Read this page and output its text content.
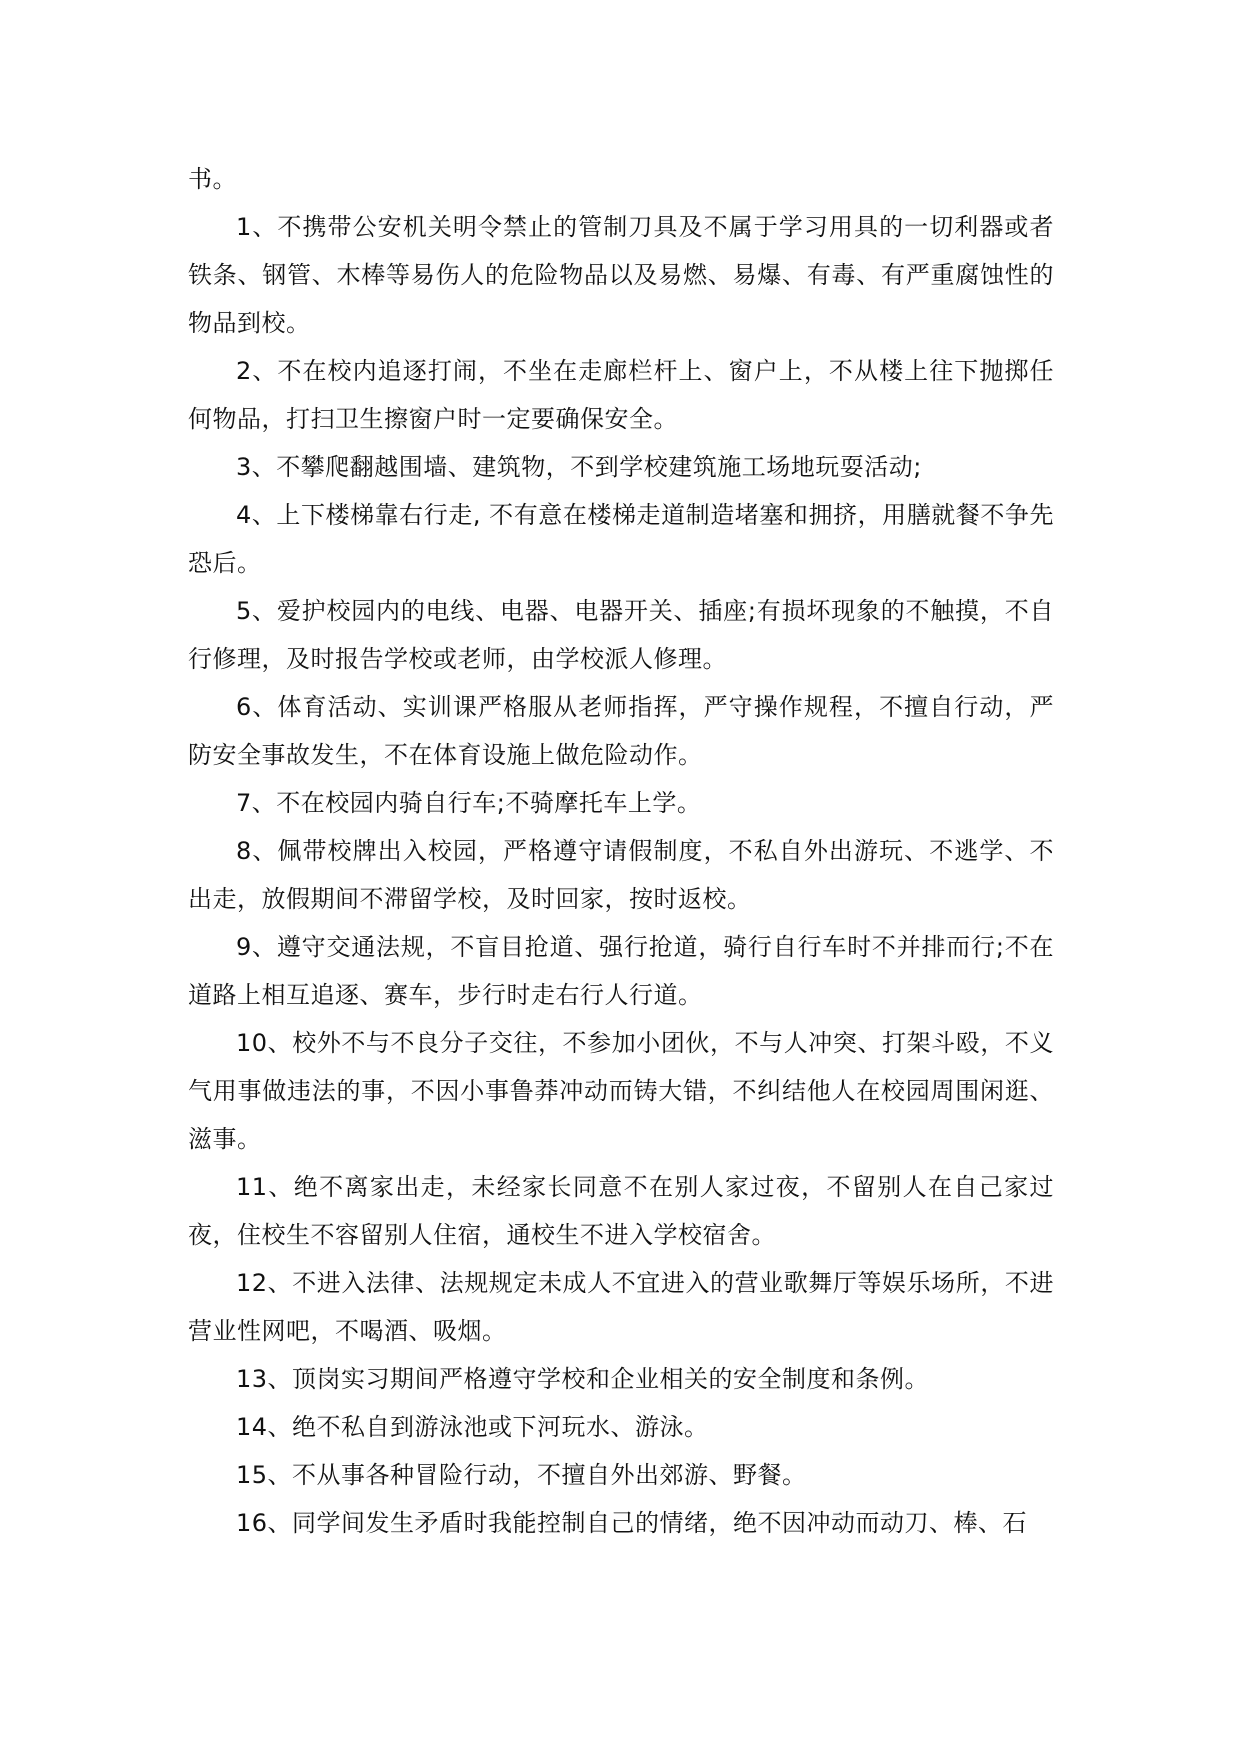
书。

1、不携带公安机关明令禁止的管制刀具及不属于学习用具的一切利器或者铁条、钢管、木棒等易伤人的危险物品以及易燃、易爆、有毒、有严重腐蚀性的物品到校。

2、不在校内追逐打闹，不坐在走廊栏杆上、窗户上，不从楼上往下抛掷任何物品，打扫卫生擦窗户时一定要确保安全。

3、不攀爬翻越围墙、建筑物，不到学校建筑施工场地玩耍活动;

4、上下楼梯靠右行走, 不有意在楼梯走道制造堵塞和拥挤，用膳就餐不争先恐后。

5、爱护校园内的电线、电器、电器开关、插座;有损坏现象的不触摸，不自行修理，及时报告学校或老师，由学校派人修理。

6、体育活动、实训课严格服从老师指挥，严守操作规程，不擅自行动，严防安全事故发生，不在体育设施上做危险动作。

7、不在校园内骑自行车;不骑摩托车上学。

8、佩带校牌出入校园，严格遵守请假制度，不私自外出游玩、不逃学、不出走，放假期间不滞留学校，及时回家，按时返校。

9、遵守交通法规，不盲目抢道、强行抢道，骑行自行车时不并排而行;不在道路上相互追逐、赛车，步行时走右行人行道。

10、校外不与不良分子交往，不参加小团伙，不与人冲突、打架斗殴，不义气用事做违法的事，不因小事鲁莽冲动而铸大错，不纠结他人在校园周围闲逛、滋事。

11、绝不离家出走，未经家长同意不在别人家过夜，不留别人在自己家过夜，住校生不容留别人住宿，通校生不进入学校宿舍。

12、不进入法律、法规规定未成人不宜进入的营业歌舞厅等娱乐场所，不进营业性网吧，不喝酒、吸烟。

13、顶岗实习期间严格遵守学校和企业相关的安全制度和条例。

14、绝不私自到游泳池或下河玩水、游泳。

15、不从事各种冒险行动，不擅自外出郊游、野餐。

16、同学间发生矛盾时我能控制自己的情绪，绝不因冲动而动刀、棒、石
